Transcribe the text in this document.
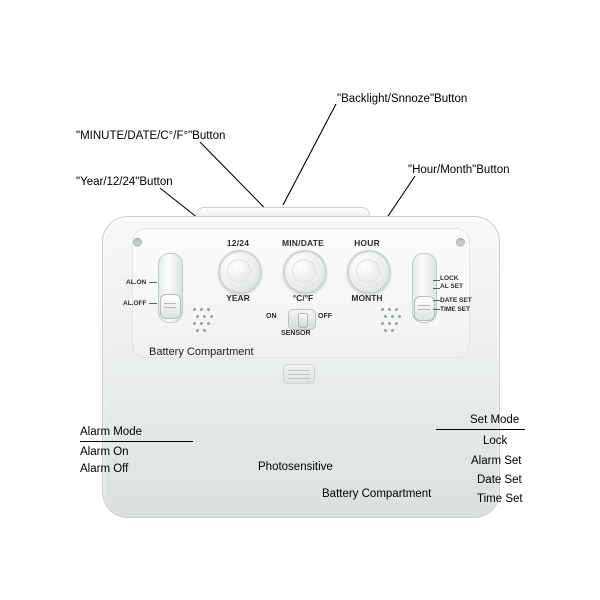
12/24
YEAR
MIN/DATE
°C/°F
HOUR
MONTH
AL.ON
AL.OFF
LOCK
AL SET
DATE SET
TIME SET
ON	OFF
SENSOR
Battery Compartment
"Backlight/Snnoze"Button
"MINUTE/DATE/C°/F°"Button
"Hour/Month"Button
"Year/12/24"Button
Alarm Mode
Alarm On
Alarm Off	Photosensitive
Battery Compartment
Set Mode
Lock
Alarm Set
Date Set
Time Set
